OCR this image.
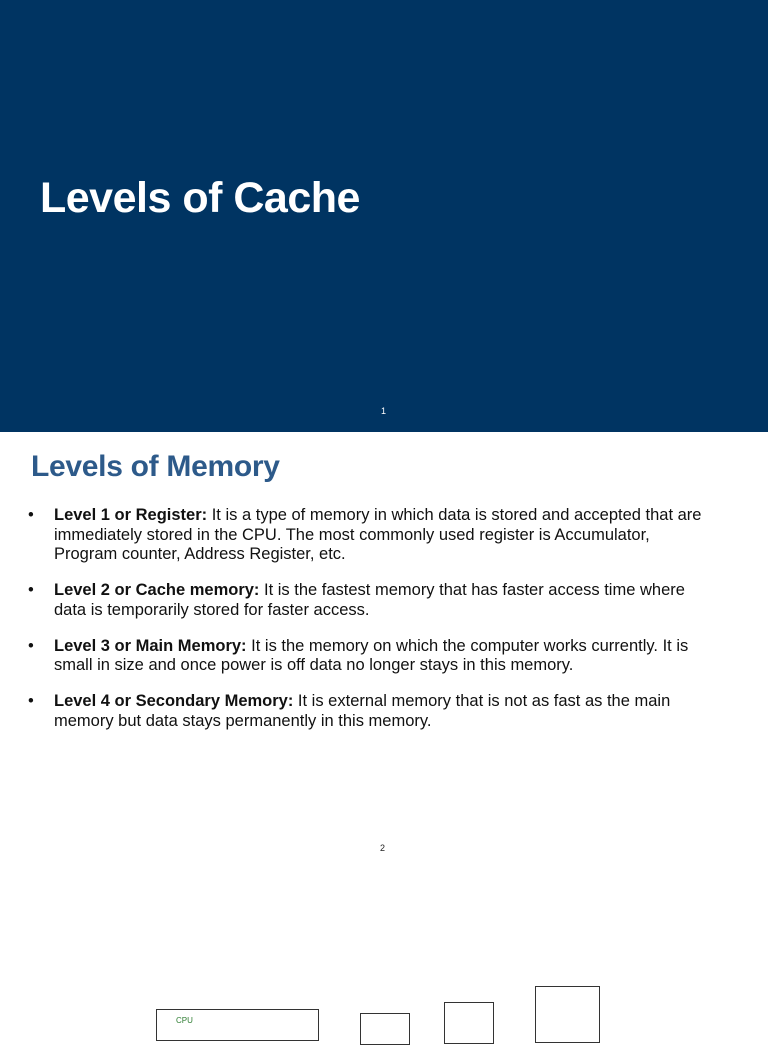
Levels of Cache
1
Levels of Memory
• Level 1 or Register: It is a type of memory in which data is stored and accepted that are immediately stored in the CPU. The most commonly used register is Accumulator, Program counter, Address Register, etc.
• Level 2 or Cache memory: It is the fastest memory that has faster access time where data is temporarily stored for faster access.
• Level 3 or Main Memory: It is the memory on which the computer works currently. It is small in size and once power is off data no longer stays in this memory.
• Level 4 or Secondary Memory: It is external memory that is not as fast as the main memory but data stays permanently in this memory.
2
CPU
